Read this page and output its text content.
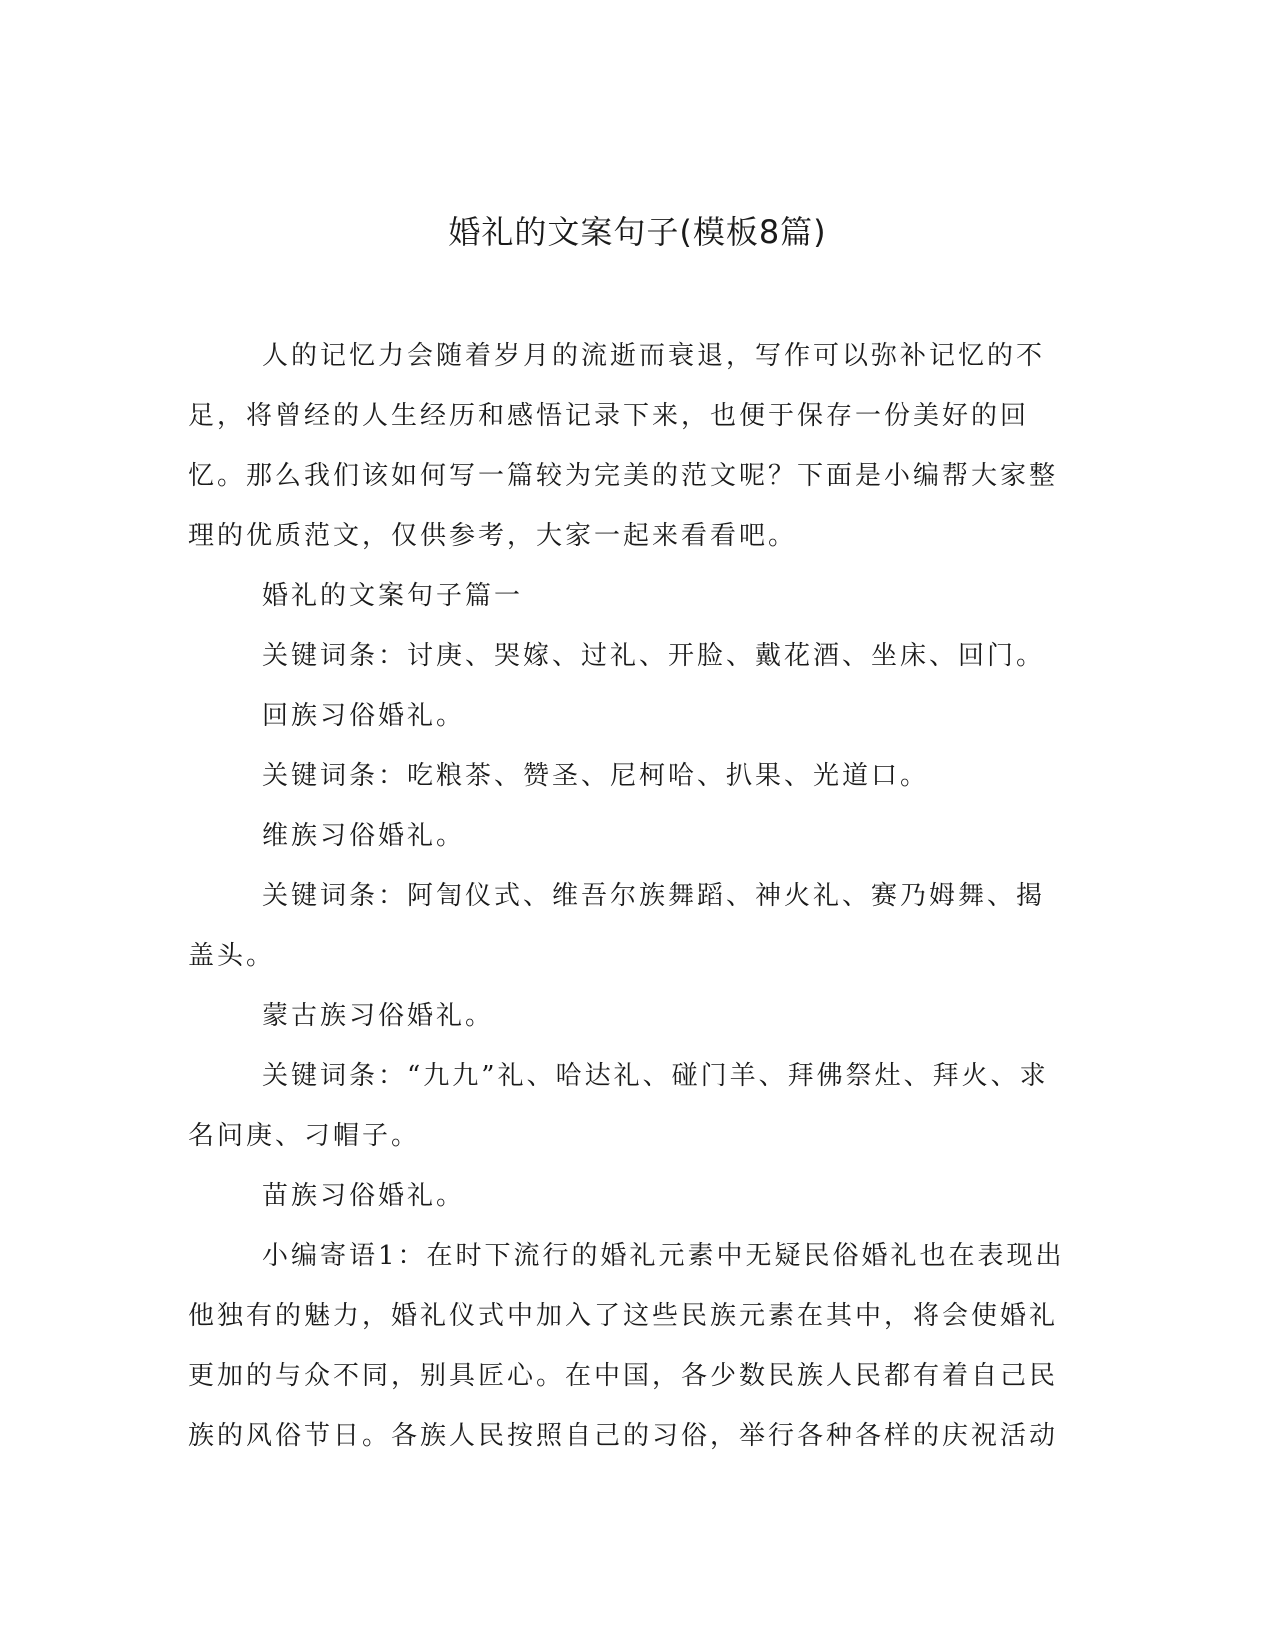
婚礼的文案句子(模板8篇)

人的记忆力会随着岁月的流逝而衰退，写作可以弥补记忆的不足，将曾经的人生经历和感悟记录下来，也便于保存一份美好的回忆。那么我们该如何写一篇较为完美的范文呢？下面是小编帮大家整理的优质范文，仅供参考，大家一起来看看吧。

婚礼的文案句子篇一

关键词条：讨庚、哭嫁、过礼、开脸、戴花酒、坐床、回门。

回族习俗婚礼。

关键词条：吃粮茶、赞圣、尼柯哈、扒果、光道口。

维族习俗婚礼。

关键词条：阿訇仪式、维吾尔族舞蹈、神火礼、赛乃姆舞、揭盖头。

蒙古族习俗婚礼。

关键词条：“九九”礼、哈达礼、碰门羊、拜佛祭灶、拜火、求名问庚、刁帽子。

苗族习俗婚礼。

小编寄语1：在时下流行的婚礼元素中无疑民俗婚礼也在表现出他独有的魅力，婚礼仪式中加入了这些民族元素在其中，将会使婚礼更加的与众不同，别具匠心。在中国，各少数民族人民都有着自己民族的风俗节日。各族人民按照自己的习俗，举行各种各样的庆祝活动
